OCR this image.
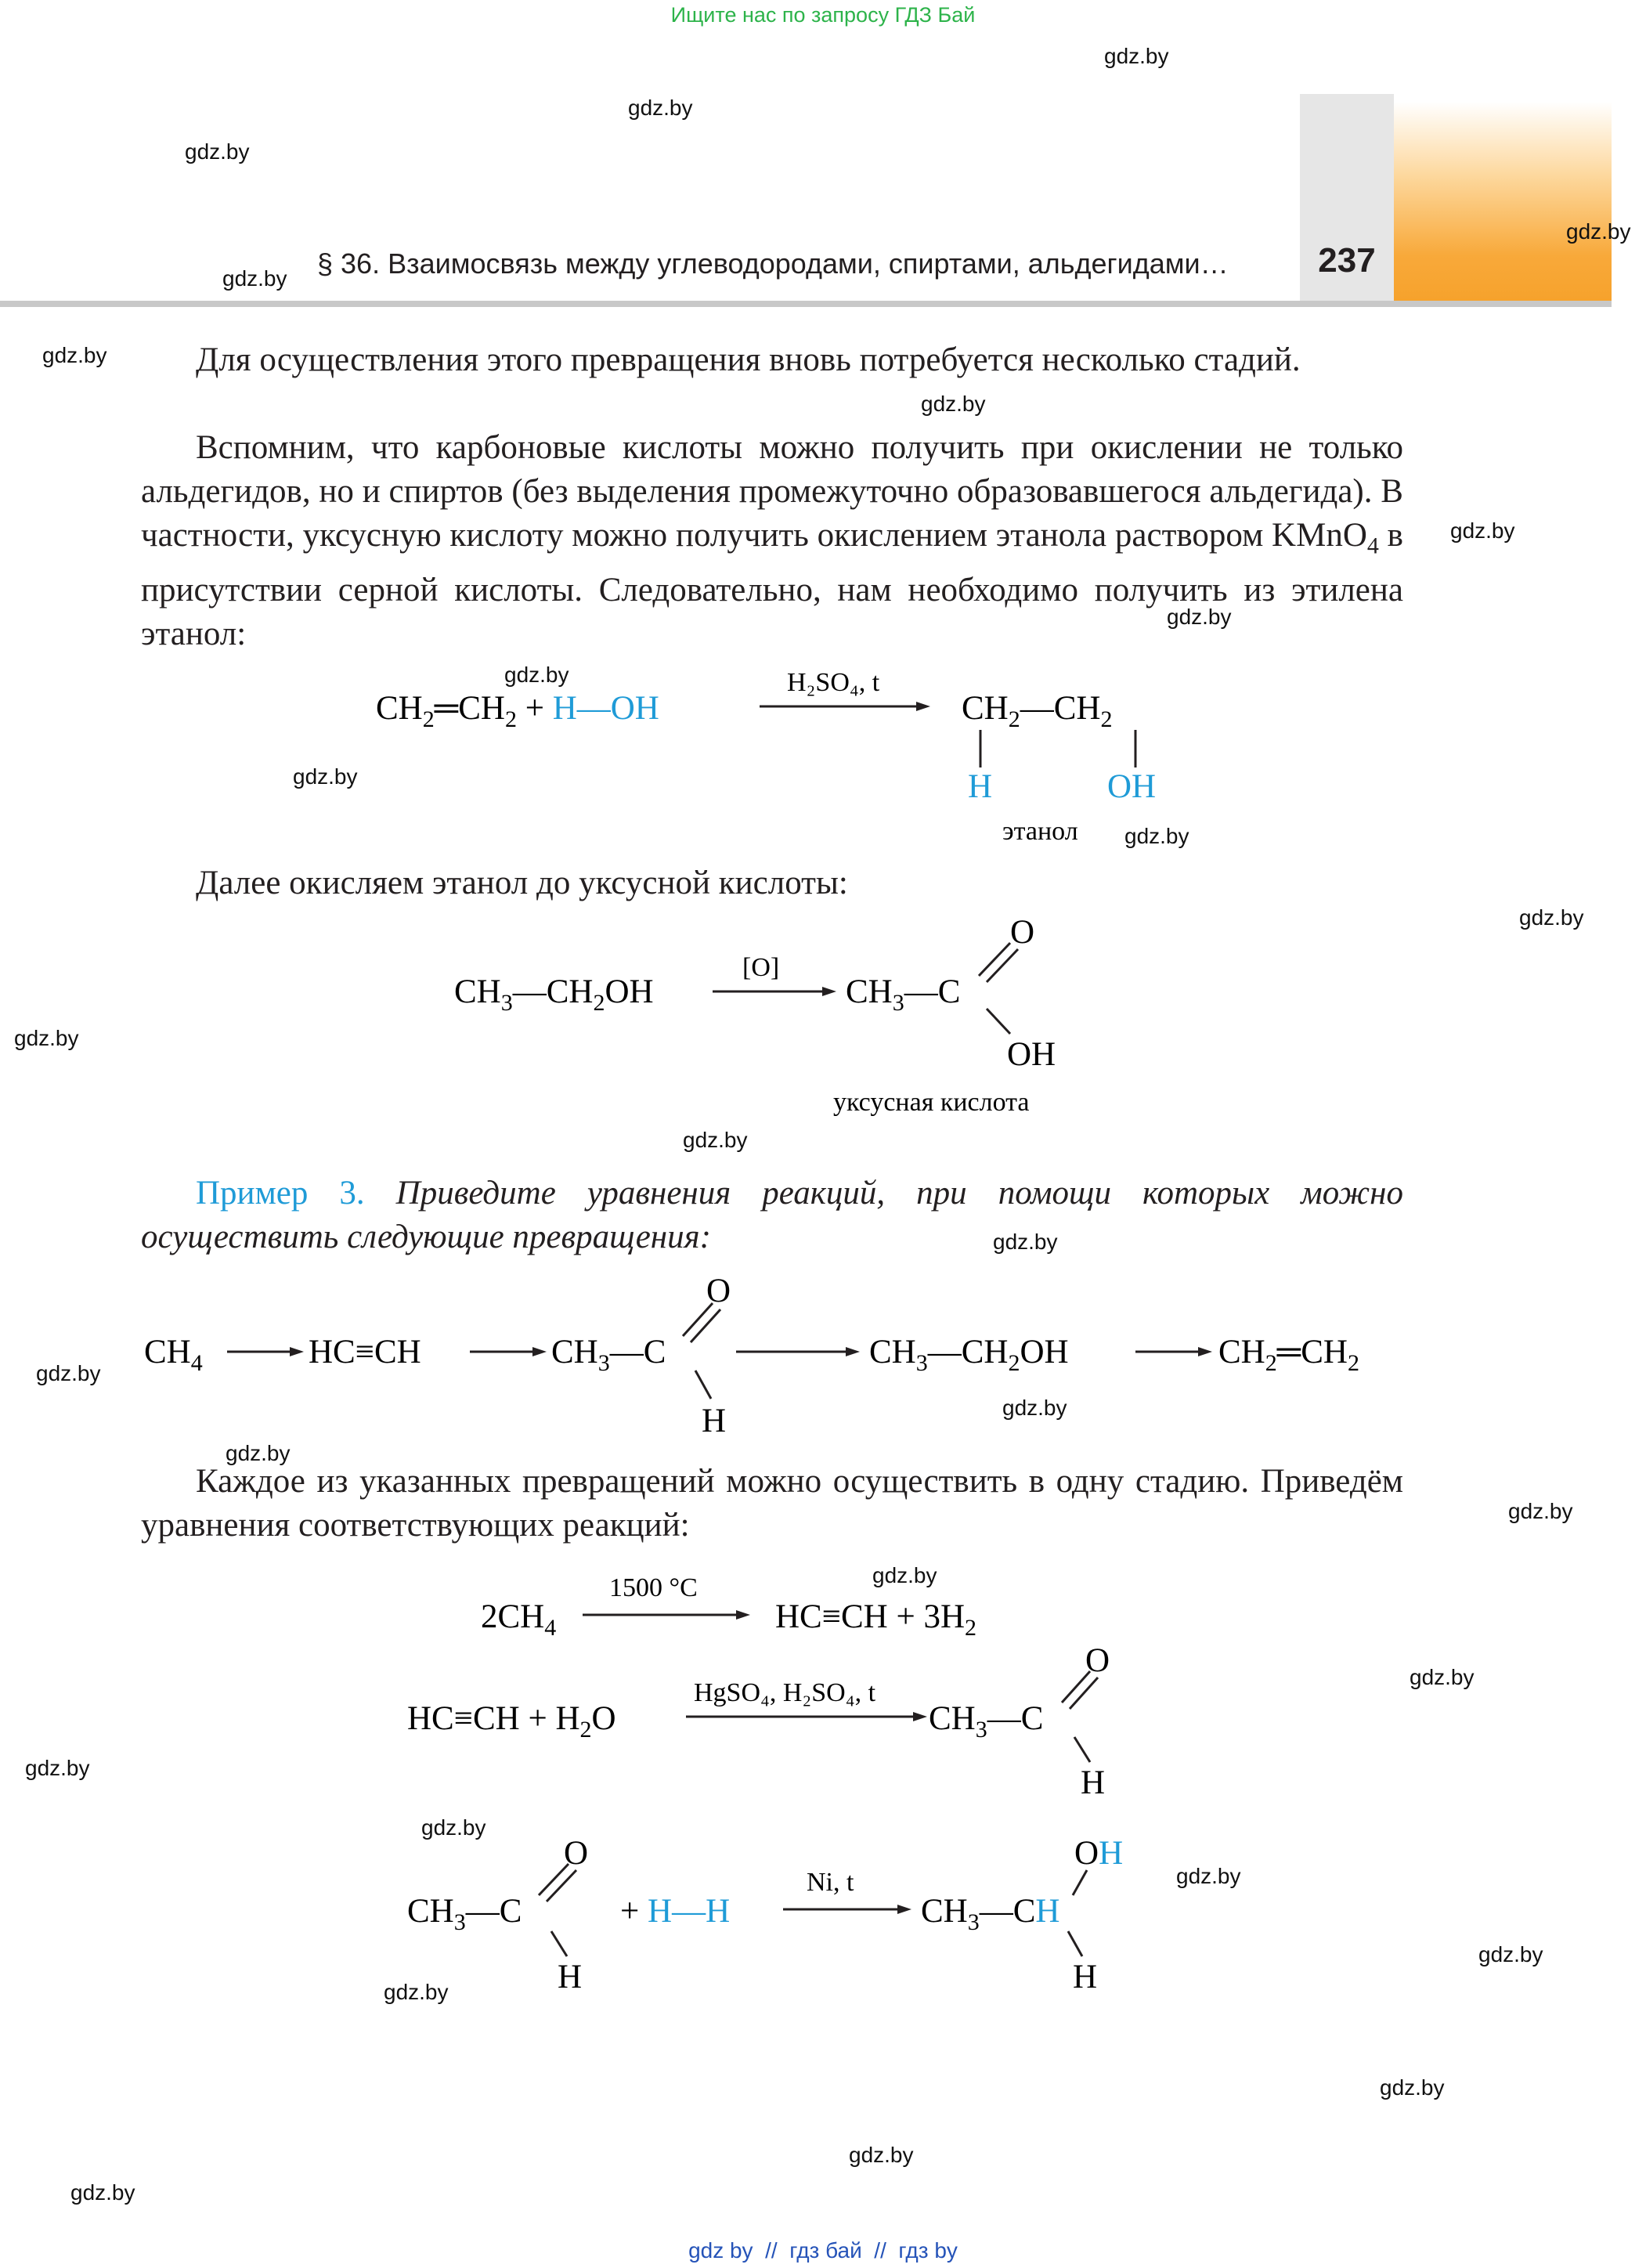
Ищите нас по запросу ГДЗ Бай
237
§ 36. Взаимосвязь между углеводородами, спиртами, альдегидами…
gdz.by
gdz.by
gdz.by
gdz.by
gdz.by
gdz.by
gdz.by
gdz.by
gdz.by
gdz.by
gdz.by
gdz.by
gdz.by
gdz.by
gdz.by
gdz.by
gdz.by
gdz.by
gdz.by
gdz.by
gdz.by
gdz.by
gdz.by
gdz.by
gdz.by
gdz.by
gdz.by
gdz.by
gdz.by
gdz.by

Для осуществления этого превращения вновь потребуется несколько стадий.

Вспомним, что карбоновые кислоты можно получить при окислении не только альдегидов, но и спиртов (без выделения промежуточно образовавшегося альдегида). В частности, уксусную кислоту можно получить окислением этанола раствором KMnO$_4$ в присутствии серной кислоты. Следовательно, нам необходимо получить из этилена этанол:

$CH_2═CH_2$ + H—OH
H₂SO₄, t
$CH_2—CH_2$
H	OH
этанол

Далее окисляем этанол до уксусной кислоты:

$CH_3—CH_2OH$
[O]
$CH_3—C$
O
OH
уксусная кислота

Пример 3. Приведите уравнения реакций, при помощи которых можно осуществить следующие превращения:

$CH_4$	HC≡CH	$CH_3—C$
O
H
$CH_3—CH_2OH$	$CH_2═CH_2$

Каждое из указанных превращений можно осуществить в одну стадию. Приведём уравнения соответствующих реакций:

$2CH_4$
1500 °C
$HC\equiv CH + 3H_2$
$HC\equiv CH + H_2O$
HgSO₄, H₂SO₄, t
$CH_3—C$
O
H
$CH_3—C$
O
H
+ H—H
Ni, t
$CH_3—CH$
OH
H
gdz by  //  гдз бай  //  гдз by
